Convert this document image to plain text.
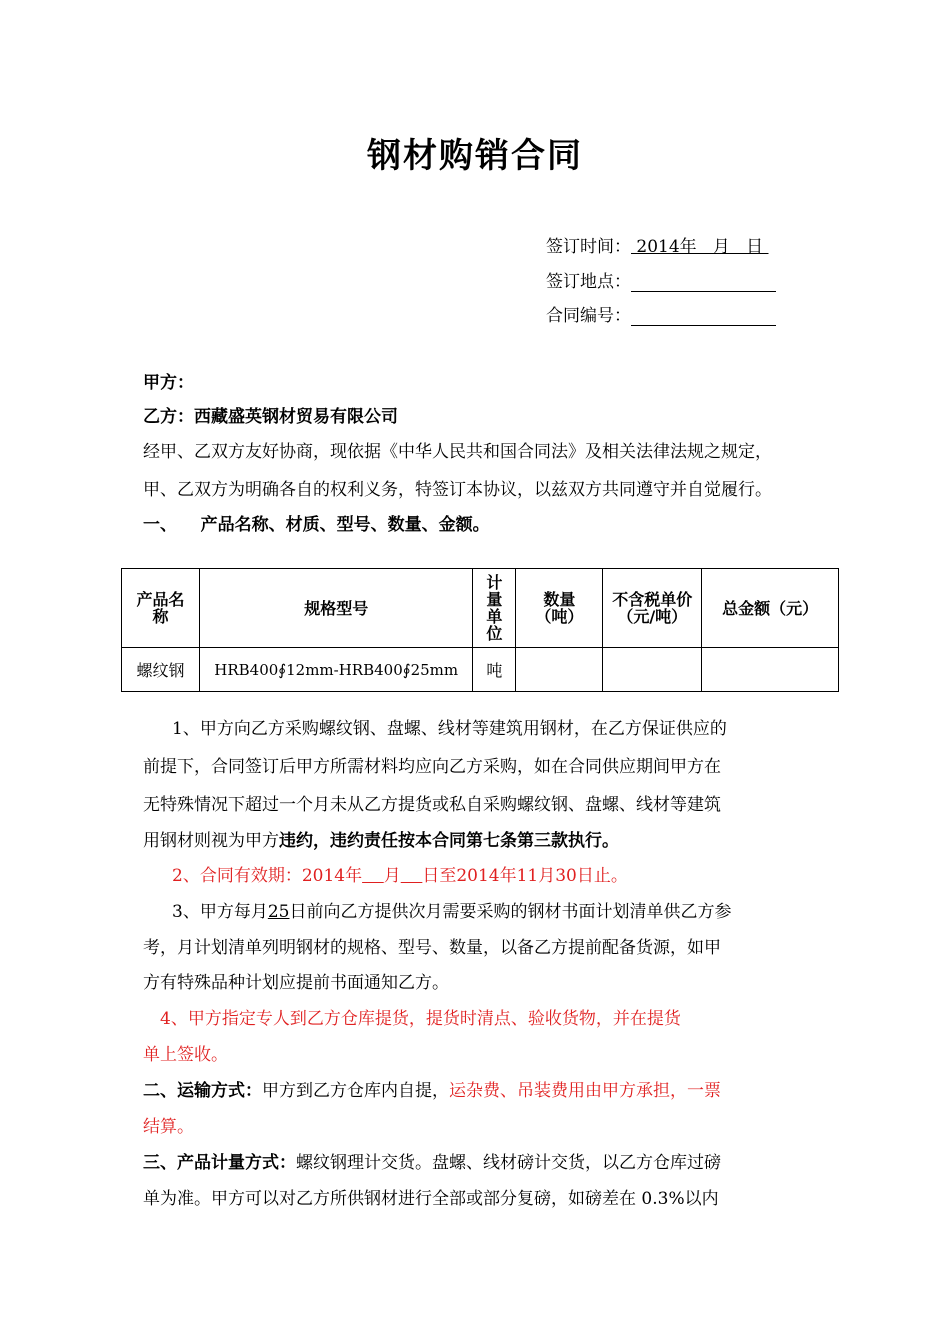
钢材购销合同
签订时间： 2014年   月   日
签订地点：
合同编号：
甲方：
乙方：西藏盛英钢材贸易有限公司
经甲、乙双方友好协商，现依据《中华人民共和国合同法》及相关法律法规之规定，
甲、乙双方为明确各自的权利义务，特签订本协议，以兹双方共同遵守并自觉履行。
一、    产品名称、材质、型号、数量、金额。
产品名称	规格型号	计量单位	数量（吨）	不含税单价（元/吨）	总金额（元）
螺纹钢	HRB400∮12mm-HRB400∮25mm	吨			
1、甲方向乙方采购螺纹钢、盘螺、线材等建筑用钢材，在乙方保证供应的
前提下，合同签订后甲方所需材料均应向乙方采购，如在合同供应期间甲方在
无特殊情况下超过一个月未从乙方提货或私自采购螺纹钢、盘螺、线材等建筑
用钢材则视为甲方违约，违约责任按本合同第七条第三款执行。
2、合同有效期：2014年 月 日至2014年11月30日止。
3、甲方每月25日前向乙方提供次月需要采购的钢材书面计划清单供乙方参
考，月计划清单列明钢材的规格、型号、数量，以备乙方提前配备货源，如甲
方有特殊品种计划应提前书面通知乙方。
4、甲方指定专人到乙方仓库提货，提货时清点、验收货物，并在提货
单上签收。
二、运输方式：甲方到乙方仓库内自提，运杂费、吊装费用由甲方承担，一票
结算。
三、产品计量方式：螺纹钢理计交货。盘螺、线材磅计交货，以乙方仓库过磅
单为准。甲方可以对乙方所供钢材进行全部或部分复磅，如磅差在 0.3%以内
